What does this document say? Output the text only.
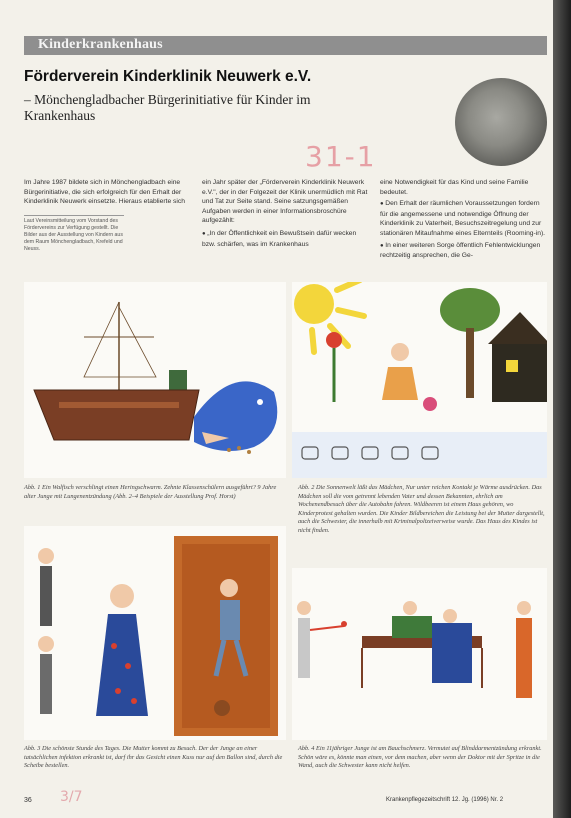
Kinderkrankenhaus
Förderverein Kinderklinik Neuwerk e.V.
– Mönchengladbacher Bürgerinitiative für Kinder im Krankenhaus
31-1

Im Jahre 1987 bildete sich in Mönchengladbach eine Bürgerinitiative, die sich erfolgreich für den Erhalt der Kinderklinik Neuwerk einsetzte. Hieraus etablierte sich

Laut Vereinsmitteilung vom Vorstand des Fördervereins zur Verfügung gestellt. Die Bilder aus der Ausstellung von Kindern aus dem Raum Mönchengladbach, Krefeld und Neuss.

ein Jahr später der „Förderverein Kinderklinik Neuwerk e.V.", der in der Folgezeit der Klinik unermüdlich mit Rat und Tat zur Seite stand. Seine satzungsgemäßen Aufgaben werden in einer Informationsbroschüre aufgezählt:

● „In der Öffentlichkeit ein Bewußtsein dafür wecken bzw. schärfen, was im Krankenhaus

eine Notwendigkeit für das Kind und seine Familie bedeutet.

● Den Erhalt der räumlichen Voraussetzungen fordern für die angemessene und notwendige Öffnung der Kinderklinik zu Vaterheit, Besuchszeitregelung und zur stationären Mitaufnahme eines Elternteils (Rooming-in).

● In einer weiteren Sorge öffentlich Fehlentwicklungen rechtzeitig ansprechen, die Ge-

Abb. 1 Ein Walfisch verschlingt einen Heringschwarm. Zehnte Klassenschülern ausgeführt? 9 Jahre alter Junge mit Lungenentzündung (Abb. 2–4 Beispiele der Ausstellung Prof. Horst)
Abb. 2 Die Sonnenwelt läßt das Mädchen, Nur unter reichen Kontakt je Wärme ausdrücken. Das Mädchen soll die vom getrennt lebenden Vater und dessen Bekannten, ehrlich am Wochenendbesuch über die Autobahn fahren. Wildbeeren ist einem Haus gehören, wo Kinderprotest gehalten wurden. Die Kinder Bildbereichen die Leistung bei der Mutter dargestellt, auch die Schwester, die innerhalb mit Kriminalpolizeiverweise wurde. Das Haus des Kindes ist nicht finden.
Abb. 3 Die schönste Stunde des Tages. Die Mutter kommt zu Besuch. Der der Junge an einer tatsächlichen infektion erkrankt ist, darf ihr das Gesicht einen Kuss nur auf den Ballon sind, durch die Scheibe bestellen.
Abb. 4 Ein 11jähriger Junge ist am Bauchschmerz. Vermutet auf Blinddarmentzündung erkrankt. Schön wäre es, könnte man einen, vor dem machen, aber wenn der Doktor mit der Spritze in die Wand, auch die Schwester kann nicht helfen.
36 3/7	Krankenpflegezeitschrift 12. Jg. (1996) Nr. 2
